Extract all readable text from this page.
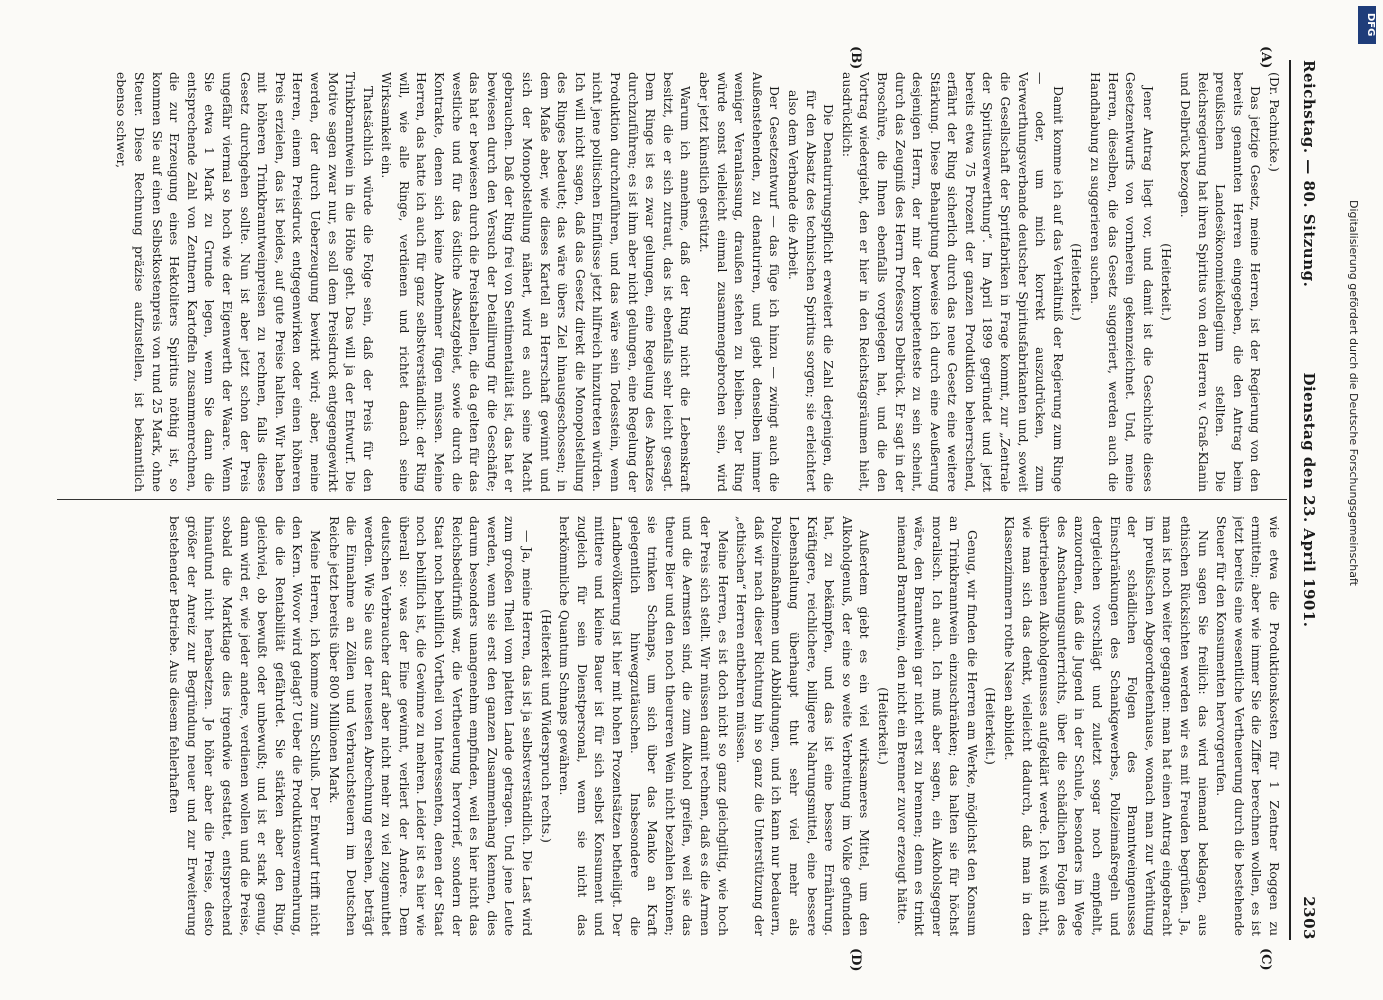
Reichstag. — 80. Sitzung.
Dienstag den 23. April 1901.
2303
(A)
(B)
(C)
(D)

(Dr. Pachnicke.)

Das jetzige Gesetz, meine Herren, ist der Regierung von den bereits genannten Herren eingegeben, die den Antrag beim preußischen Landesökonomiekollegium stellten. Die Reichsregierung hat ihren Spiritus von den Herren v. Graß-Klanin und Delbrück bezogen.

(Heiterkeit.)

Jener Antrag liegt vor, und damit ist die Geschichte dieses Gesetzentwurfs von vornherein gekennzeichnet. Und, meine Herren, dieselben, die das Gesetz suggeriert, werden auch die Handhabung zu suggerieren suchen.

(Heiterkeit.)

Damit komme ich auf das Verhältniß der Regierung zum Ringe — oder, um mich korrekt auszudrücken, zum Verwerthungsverbande deutscher Spiritusfabrikanten und, soweit die Gesellschaft der Spritfabriken in Frage kommt, zur „Zentrale der Spiritusverwerthung“. Im April 1899 gegründet und jetzt bereits etwa 75 Prozent der ganzen Produktion beherrschend, erfährt der Ring sicherlich durch das neue Gesetz eine weitere Stärkung. Diese Behauptung beweise ich durch eine Aeußerung desjenigen Herrn, der mir der kompetenteste zu sein scheint, durch das Zeugniß des Herrn Professors Delbrück. Er sagt in der Broschüre, die Ihnen ebenfalls vorgelegen hat, und die den Vortrag wiedergiebt, den er hier in den Reichstagsräumen hielt, ausdrücklich:

Die Denaturirungspflicht erweitert die Zahl derjenigen, die für den Absatz des technischen Spiritus sorgen; sie erleichtert also dem Verbande die Arbeit.

Der Gesetzentwurf — das füge ich hinzu — zwingt auch die Außenstehenden, zu denaturiren, und giebt denselben immer weniger Veranlassung, draußen stehen zu bleiben. Der Ring würde sonst vielleicht einmal zusammengebrochen sein, wird aber jetzt künstlich gestützt.

Warum ich annehme, daß der Ring nicht die Lebenskraft besitzt, die er sich zutraut, das ist ebenfalls sehr leicht gesagt. Dem Ringe ist es zwar gelungen, eine Regelung des Absatzes durchzuführen; es ist ihm aber nicht gelungen, eine Regelung der Produktion durchzuführen, und das wäre sein Todesstein, wenn nicht jene politischen Einflüsse jetzt hilfreich hinzutreten würden. Ich will nicht sagen, daß das Gesetz direkt die Monopolstellung des Ringes bedeutet; das wäre übers Ziel hinausgeschossen; in dem Maße aber, wie dieses Kartell an Herrschaft gewinnt und sich der Monopolstellung nähert, wird es auch seine Macht gebrauchen. Daß der Ring frei von Sentimentalität ist, das hat er bewiesen durch den Versuch der Detaillirung für die Geschäfte; das hat er bewiesen durch die Preistabellen, die da gelten für das westliche und für das östliche Absatzgebiet, sowie durch die Kontrakte, denen sich keine Abnehmer fügen müssen. Meine Herren, das hatte ich auch für ganz selbstverständlich: der Ring will, wie alle Ringe, verdienen und richtet danach seine Wirksamkeit ein.

Thatsächlich würde die Folge sein, daß der Preis für den Trinkbranntwein in die Höhe geht. Das will ja der Entwurf. Die Motive sagen zwar nur, es soll dem Preisdruck entgegengewirkt werden, der durch Ueberzeugung bewirkt wird; aber, meine Herren, einem Preisdruck entgegenwirken oder einen höheren Preis erzielen, das ist beides, auf gute Preise halten. Wir haben mit höheren Trinkbranntweinpreisen zu rechnen, falls dieses Gesetz durchgehen sollte. Nun ist aber jetzt schon der Preis ungefähr viermal so hoch wie der Eigenwerth der Waare. Wenn Sie etwa 1 Mark zu Grunde legen, wenn Sie dann die entsprechende Zahl von Zentnern Kartoffeln zusammenrechnen, die zur Erzeugung eines Hektoliters Spiritus nöthig ist, so kommen Sie auf einen Selbstkostenpreis von rund 25 Mark, ohne Steuer. Diese Rechnung präzise aufzustellen, ist bekanntlich ebenso schwer,

wie etwa die Produktionskosten für 1 Zentner Roggen zu ermitteln; aber wie immer Sie die Ziffer berechnen wollen, es ist jetzt bereits eine wesentliche Vertheuerung durch die bestehende Steuer für den Konsumenten hervorgerufen.

Nun sagen Sie freilich: das wird niemand beklagen, aus ethischen Rücksichten werden wir es mit Freuden begrüßen. Ja, man ist noch weiter gegangen: man hat einen Antrag eingebracht im preußischen Abgeordnetenhause, wonach man zur Verhütung der schädlichen Folgen des Branntweingenusses Einschränkungen des Schankgewerbes, Polizeimaßregeln und dergleichen vorschlägt und zuletzt sogar noch empfiehlt, anzuordnen, daß die Jugend in der Schule, besonders im Wege des Anschauungsunterrichts, über die schädlichen Folgen des übertriebenen Alkoholgenusses aufgeklärt werde. Ich weiß nicht, wie man sich das denkt, vielleicht dadurch, daß man in den Klassenzimmern rothe Nasen abbildet.

(Heiterkeit.)

Genug, wir finden die Herren am Werke, möglichst den Konsum an Trinkbranntwein einzuschränken; das halten sie für höchst moralisch. Ich auch. Ich muß aber sagen, ein Alkoholsgegner wäre, den Branntwein gar nicht erst zu brennen; denn es trinkt niemand Branntwein, den nicht ein Brenner zuvor erzeugt hätte.

(Heiterkeit.)

Außerdem giebt es ein viel wirksameres Mittel, um den Alkoholgenuß, der eine so weite Verbreitung im Volke gefunden hat, zu bekämpfen, und das ist eine bessere Ernährung. Kräftigere, reichlichere, billigere Nahrungsmittel, eine bessere Lebenshaltung überhaupt thut sehr viel mehr als Polizeimaßnahmen und Abbildungen, und ich kann nur bedauern, daß wir nach dieser Richtung hin so ganz die Unterstützung der „ethischen“ Herren entbehren müssen.

Meine Herren, es ist doch nicht so ganz gleichgiltig, wie hoch der Preis sich stellt. Wir müssen damit rechnen, daß es die Armen und die Aermsten sind, die zum Alkohol greifen, weil sie das theure Bier und den noch theureren Wein nicht bezahlen können; sie trinken Schnaps, um sich über das Manko an Kraft gelegentlich hinwegzutäuschen. Insbesondere die Landbevölkerung ist hier mit hohen Prozentsätzen betheiligt. Der mittlere und kleine Bauer ist für sich selbst Konsument und zugleich für sein Dienstpersonal, wenn sie nicht das herkömmliche Quantum Schnaps gewähren.

(Heiterkeit und Widerspruch rechts.)

— Ja, meine Herren, das ist ja selbstverständlich. Die Last wird zum großen Theil vom platten Lande getragen. Und jene Leute werden, wenn sie erst den ganzen Zusammenhang kennen, dies darum besonders unangenehm empfinden, weil es hier nicht das Reichsbedürfniß war, die Vertheuerung hervorrief, sondern der Staat noch behilflich Vortheil von Interessenten, denen der Staat noch behilflich ist, die Gewinne zu mehren. Leider ist es hier wie überall so: was der Eine gewinnt, verliert der Andere. Dem deutschen Verbraucher darf aber nicht mehr zu viel zugemuthet werden. Wie Sie aus der neuesten Abrechnung ersehen, beträgt die Einnahme an Zöllen und Verbrauchsteuern im Deutschen Reiche jetzt bereits über 800 Millionen Mark.

Meine Herren, ich komme zum Schluß. Der Entwurf trifft nicht den Kern. Wovor wird gelagt? Ueber die Produktionsvermehrung, die die Rentabilität gefährdet. Sie stärken aber den Ring, gleichviel, ob bewußt oder unbewußt; und ist er stark genug, dann wird er, wie jeder andere, verdienen wollen und die Preise, sobald die Marktlage dies irgendwie gestattet, entsprechend hinaufund nicht herabsetzen. Je höher aber die Preise, desto größer der Anreiz zur Begründung neuer und zur Erweiterung bestehender Betriebe. Aus diesem fehlerhaften

DFG
Digitalisierung gefördert durch die Deutsche Forschungsgemeinschaft
